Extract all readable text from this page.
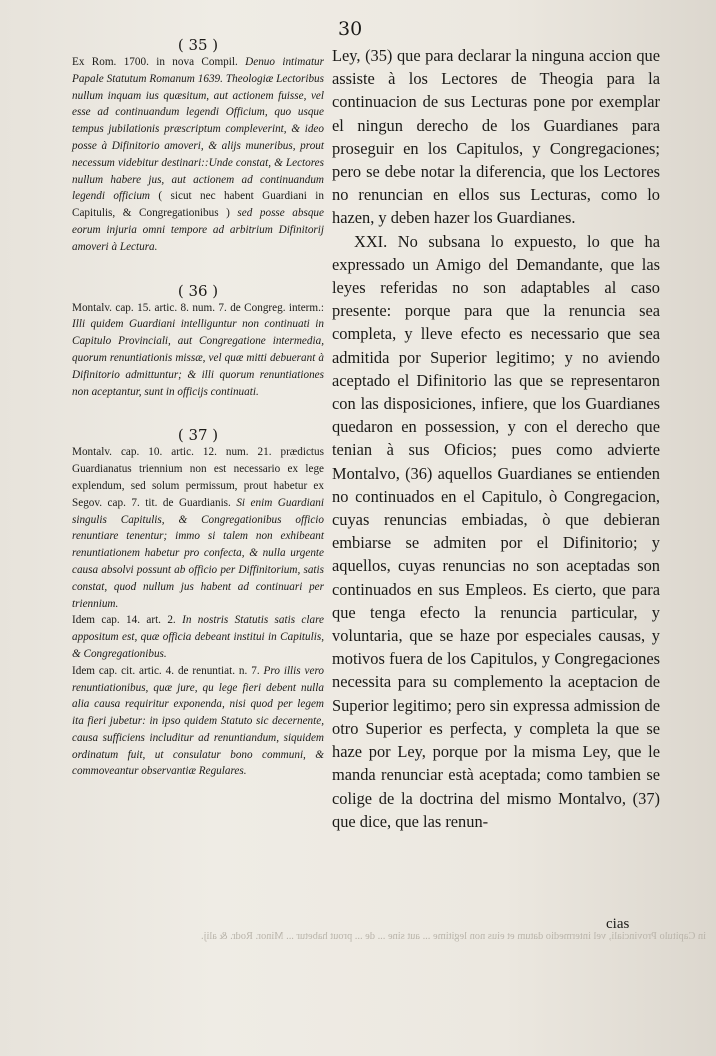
30
( 35 )
Ex Rom. 1700. in nova Compil. Denuo intimatur Papale Statutum Romanum 1639. Theologiæ Lectoribus nullum inquam ius quæsitum, aut actionem fuisse, vel esse ad continuandum legendi Officium, quo usque tempus jubilationis præscriptum compleverint, & ideo posse à Difinitorio amoveri, & alijs muneribus, prout necessum videbitur destinari::Unde constat, & Lectores nullum habere jus, aut actionem ad continuandum legendi officium ( sicut nec habent Guardiani in Capitulis, & Congregationibus ) sed posse absque eorum injuria omni tempore ad arbitrium Difinitorij amoveri à Lectura.
( 36 )
Montalv. cap. 15. artic. 8. num. 7. de Congreg. interm.: Illi quidem Guardiani intelliguntur non continuati in Capitulo Provinciali, aut Congregatione intermedia, quorum renuntiationis missæ, vel quæ mitti debuerant à Difinitorio admittuntur; & illi quorum renuntiationes non aceptantur, sunt in officijs continuati.
( 37 )
Montalv. cap. 10. artic. 12. num. 21. prædictus Guardianatus triennium non est necessario ex lege explendum, sed solum permissum, prout habetur ex Segov. cap. 7. tit. de Guardianis. Si enim Guardiani singulis Capitulis, & Congregationibus officio renuntiare tenentur; immo si talem non exhibeant renuntiationem habetur pro confecta, & nulla urgente causa absolvi possunt ab officio per Diffinitorium, satis constat, quod nullum jus habent ad continuari per triennium.
Idem cap. 14. art. 2. In nostris Statutis satis clare appositum est, quæ officia debeant institui in Capitulis, & Congregationibus.
Idem cap. cit. artic. 4. de renuntiat. n. 7. Pro illis vero renuntiationibus, quæ jure, qu lege fieri debent nulla alia causa requiritur exponenda, nisi quod per legem ita fieri jubetur: in ipso quidem Statuto sic decernente, causa sufficiens includitur ad renuntiandum, siquidem ordinatum fuit, ut consulatur bono communi, & commoveantur observantiæ Regulares.

Ley, (35) que para declarar la ninguna accion que assiste à los Lectores de Theogia para la continuacion de sus Lecturas pone por exemplar el ningun derecho de los Guardianes para proseguir en los Capitulos, y Congregaciones; pero se debe notar la diferencia, que los Lectores no renuncian en ellos sus Lecturas, como lo hazen, y deben hazer los Guardianes.

XXI. No subsana lo expuesto, lo que ha expressado un Amigo del Demandante, que las leyes referidas no son adaptables al caso presente: porque para que la renuncia sea completa, y lleve efecto es necessario que sea admitida por Superior legitimo; y no aviendo aceptado el Difinitorio las que se representaron con las disposiciones, infiere, que los Guardianes quedaron en possession, y con el derecho que tenian à sus Oficios; pues como advierte Montalvo, (36) aquellos Guardianes se entienden no continuados en el Capitulo, ò Congregacion, cuyas renuncias embiadas, ò que debieran embiarse se admiten por el Difinitorio; y aquellos, cuyas renuncias no son aceptadas son continuados en sus Empleos. Es cierto, que para que tenga efecto la renuncia particular, y voluntaria, que se haze por especiales causas, y motivos fuera de los Capitulos, y Congregaciones necessita para su complemento la aceptacion de Superior legitimo; pero sin expressa admission de otro Superior es perfecta, y completa la que se haze por Ley, porque por la misma Ley, que le manda renunciar està aceptada; como tambien se colige de la doctrina del mismo Montalvo, (37) que dice, que las renun-

cias
in Capitulo Provinciali, vel intermedio datum et eius non legitime ... aut sine ... de ... prout habetur ... Minor. Rodr. & alij.
